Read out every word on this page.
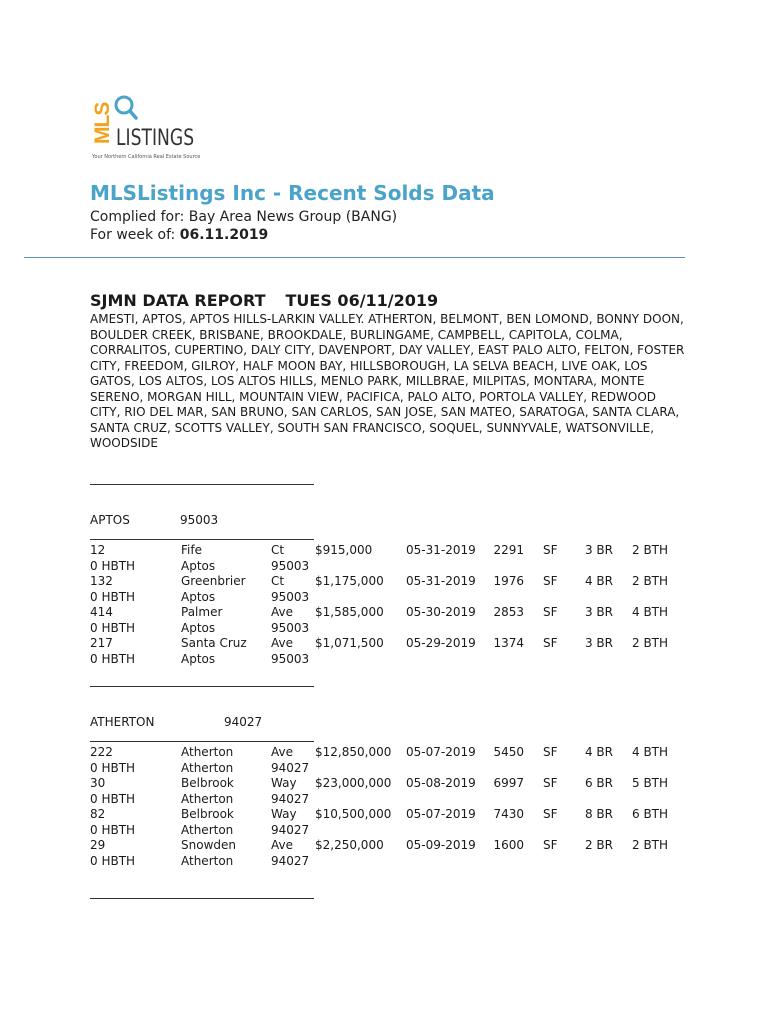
MLS LISTINGS
Your Northern California Real Estate Source
MLSListings Inc - Recent Solds Data
Complied for: Bay Area News Group (BANG)
For week of: 06.11.2019
SJMN DATA REPORT TUES 06/11/2019
AMESTI, APTOS, APTOS HILLS-LARKIN VALLEY. ATHERTON, BELMONT, BEN LOMOND, BONNY DOON, BOULDER CREEK, BRISBANE, BROOKDALE, BURLINGAME, CAMPBELL, CAPITOLA, COLMA, CORRALITOS, CUPERTINO, DALY CITY, DAVENPORT, DAY VALLEY, EAST PALO ALTO, FELTON, FOSTER CITY, FREEDOM, GILROY, HALF MOON BAY, HILLSBOROUGH, LA SELVA BEACH, LIVE OAK, LOS GATOS, LOS ALTOS, LOS ALTOS HILLS, MENLO PARK, MILLBRAE, MILPITAS, MONTARA, MONTE SERENO, MORGAN HILL, MOUNTAIN VIEW, PACIFICA, PALO ALTO, PORTOLA VALLEY, REDWOOD CITY, RIO DEL MAR, SAN BRUNO, SAN CARLOS, SAN JOSE, SAN MATEO, SARATOGA, SANTA CLARA, SANTA CRUZ, SCOTTS VALLEY, SOUTH SAN FRANCISCO, SOQUEL, SUNNYVALE, WATSONVILLE, WOODSIDE
APTOS	95003
12	Fife	Ct	$915,000	05-31-2019 2291 SF 3 BR 2 BTH
0 HBTH	Aptos	95003
132	Greenbrier Ct	$1,175,000 05-31-2019 1976 SF 4 BR 2 BTH
0 HBTH	Aptos	95003
414	Palmer	Ave $1,585,000 05-30-2019 2853 SF 3 BR 4 BTH
0 HBTH	Aptos	95003
217	Santa Cruz Ave $1,071,500 05-29-2019 1374 SF 3 BR 2 BTH
0 HBTH	Aptos	95003
ATHERTON	94027
222	Atherton	Ave $12,850,000 05-07-2019 5450 SF 4 BR 4 BTH
0 HBTH	Atherton	94027
30	Belbrook	Way $23,000,000 05-08-2019 6997 SF 6 BR 5 BTH
0 HBTH	Atherton	94027
82	Belbrook	Way $10,500,000 05-07-2019 7430 SF 8 BR 6 BTH
0 HBTH	Atherton	94027
29	Snowden	Ave $2,250,000 05-09-2019 1600 SF 2 BR 2 BTH
0 HBTH	Atherton	94027
